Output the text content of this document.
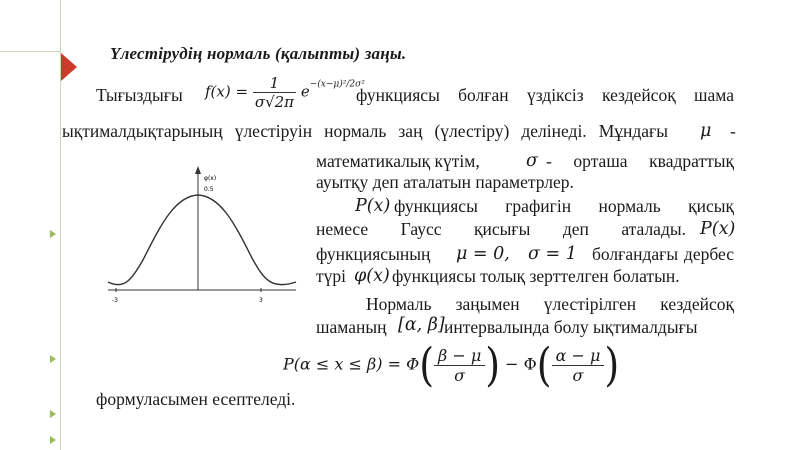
Үлестірудің нормаль (қалыпты) заңы.
Тығыздығы $f(x) = \frac{1}{\sigma√2\pi} e^{-(x-\mu)^2/2\sigma^2}$
функциясы болған үздіксіз кездейсоқ шама
ықтималдықтарының үлестіруін нормаль заң (үлестіру) делінеді. Мұндағы μ -
φ(x)
0.5
-3	3
математикалық күтім,	σ - орташа квадраттық
ауытқу деп аталатын параметрлер.
P(x) функциясы графигін нормаль қисық
немесе Гаусс қисығы деп аталады. P(x)
функциясының μ = 0, σ = 1 болғандағы дербес
түрі φ(x) функциясы толық зерттелген болатын.
Нормаль заңымен үлестірілген кездейсоқ
шаманың [α, β] интервалында болу ықтималдығы
$P(\alpha \le x \le \beta) = \Phi( \frac{\beta - \mu}{\sigma}$ ) − $\Phi( \frac{\alpha - \mu}{\sigma}$ )
формуласымен есептеледі.
